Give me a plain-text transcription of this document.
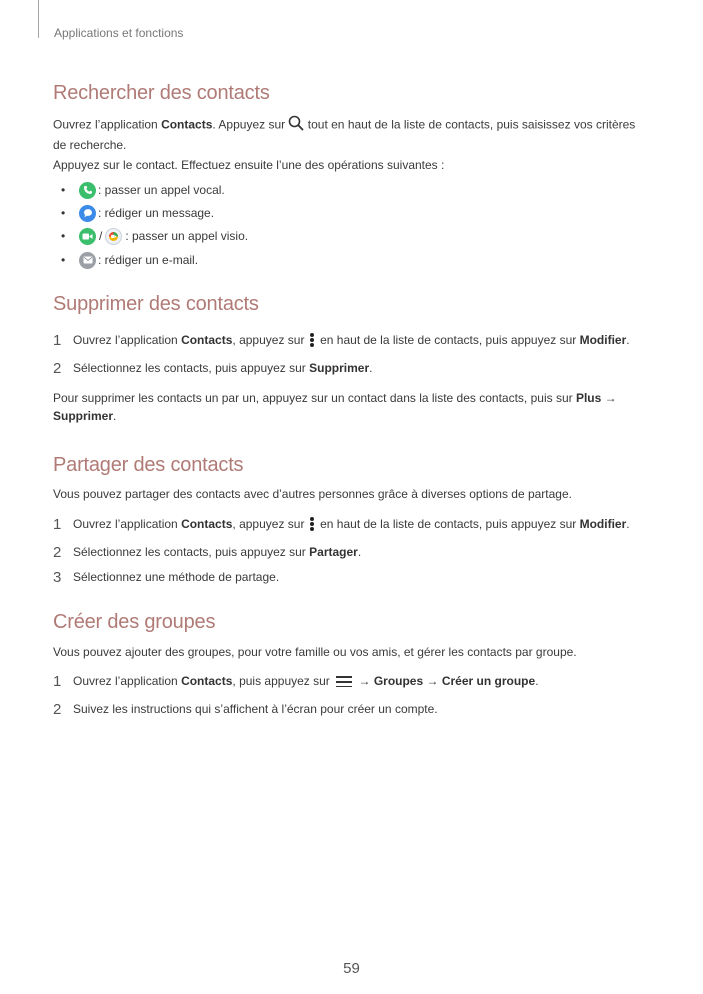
Applications et fonctions
Rechercher des contacts

Ouvrez l’application Contacts. Appuyez sur  tout en haut de la liste de contacts, puis saisissez vos critères
de recherche.

Appuyez sur le contact. Effectuez ensuite l’une des opérations suivantes :

•	: passer un appel vocal.
•	: rédiger un message.
•	/ : passer un appel visio.
•	: rédiger un e-mail.
Supprimer des contacts
1 Ouvrez l’application Contacts, appuyez sur
en haut de la liste de contacts, puis appuyez sur Modifier.
2 Sélectionnez les contacts, puis appuyez sur Supprimer.

Pour supprimer les contacts un par un, appuyez sur un contact dans la liste des contacts, puis sur Plus →
Supprimer.

Partager des contacts

Vous pouvez partager des contacts avec d’autres personnes grâce à diverses options de partage.

1 Ouvrez l’application Contacts, appuyez sur
en haut de la liste de contacts, puis appuyez sur Modifier.
2 Sélectionnez les contacts, puis appuyez sur Partager.
3 Sélectionnez une méthode de partage.
Créer des groupes

Vous pouvez ajouter des groupes, pour votre famille ou vos amis, et gérer les contacts par groupe.

1 Ouvrez l’application Contacts, puis appuyez sur
→ Groupes → Créer un groupe.
2 Suivez les instructions qui s’affichent à l’écran pour créer un compte.
59
